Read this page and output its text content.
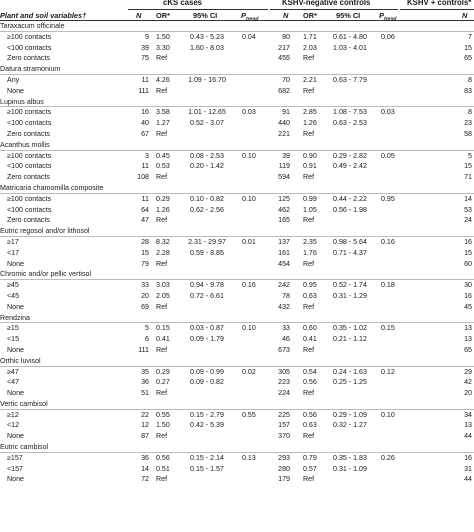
cKS cases	KSHV-negative controls	KSHV + controls*
Plant and soil variables†	N OR*	95% CI	$P_{trend}$	N OR*	95% CI	$P_{trend}$	N
Taraxacum officinale
≥100 contacts	9 1.50	0.43 - 5.23	0.04	80 1.71	0.61 - 4.80	0.06	7
<100 contacts	39 3.30	1.60 - 8.03	217 2.03	1.03 - 4.01	15
Zero contacts	75 Ref	455 Ref	65
Datura stramonium
Any	11 4.26	1.09 - 16.70	70 2.21	0.63 - 7.79	8
None	111 Ref	682 Ref	83
Lupinus albus
≥100 contacts	16 3.58	1.01 - 12.65	0.03	91 2.85	1.08 - 7.53	0.03	8
<100 contacts	40 1.27	0.52 - 3.07	440 1.26	0.63 - 2.53	23
Zero contacts	67 Ref	221 Ref	58
Acanthus mollis
≥100 contacts	3 0.45	0.08 - 2.53	0.10	39 0.90	0.29 - 2.82	0.05	5
<100 contacts	11 0.53	0.20 - 1.42	119 0.91	0.49 - 2.42	15
Zero contacts	108 Ref	594 Ref	71
Matricaria chamomilla composite
≥100 contacts	11 0.29	0.10 - 0.82	0.10	125 0.99	0.44 - 2.22	0.95	14
<100 contacts	64 1.26	0.62 - 2.56	462 1.05	0.56 - 1.98	53
Zero contacts	47 Ref	165 Ref	24
Eutric regosol and/or lithosol
≥17	28 8.32	2.31 - 29.97	0.01	137 2.35	0.98 - 5.64	0.16	16
<17	15 2.28	0.59 - 8.85	161 1.76	0.71 - 4.37	15
None	79 Ref	454 Ref	60
Chromic and/or pellic vertisol
≥45	33 3.03	0.94 - 9.78	0.16	242 0.95	0.52 - 1.74	0.18	30
<45	20 2.05	0.72 - 6.61	78 0.63	0.31 - 1.29	16
None	69 Ref	432 Ref	45
Rendzina
≥15	5 0.15	0.03 - 0.87	0.10	33 0.60	0.35 - 1.02	0.15	13
<15	6 0.41	0.09 - 1.79	46 0.41	0.21 - 1.12	13
None	111 Ref	673 Ref	65
Orthic luvisol
≥47	35 0.29	0.09 - 0.99	0.02	305 0.54	0.24 - 1.63	0.12	29
<47	36 0.27	0.09 - 0.82	223 0.56	0.25 - 1.25	42
None	51 Ref	224 Ref	20
Vertic cambisol
≥12	22 0.55	0.15 - 2.79	0.55	225 0.56	0.29 - 1.09	0.10	34
<12	12 1.50	0.42 - 5.39	157 0.63	0.32 - 1.27	13
None	87 Ref	370 Ref	44
Eutric cambisol
≥157	36 0.56	0.15 - 2.14	0.13	293 0.79	0.35 - 1.83	0.26	16
<157	14 0.51	0.15 - 1.57	280 0.57	0.31 - 1.09	31
None	72 Ref	179 Ref	44
